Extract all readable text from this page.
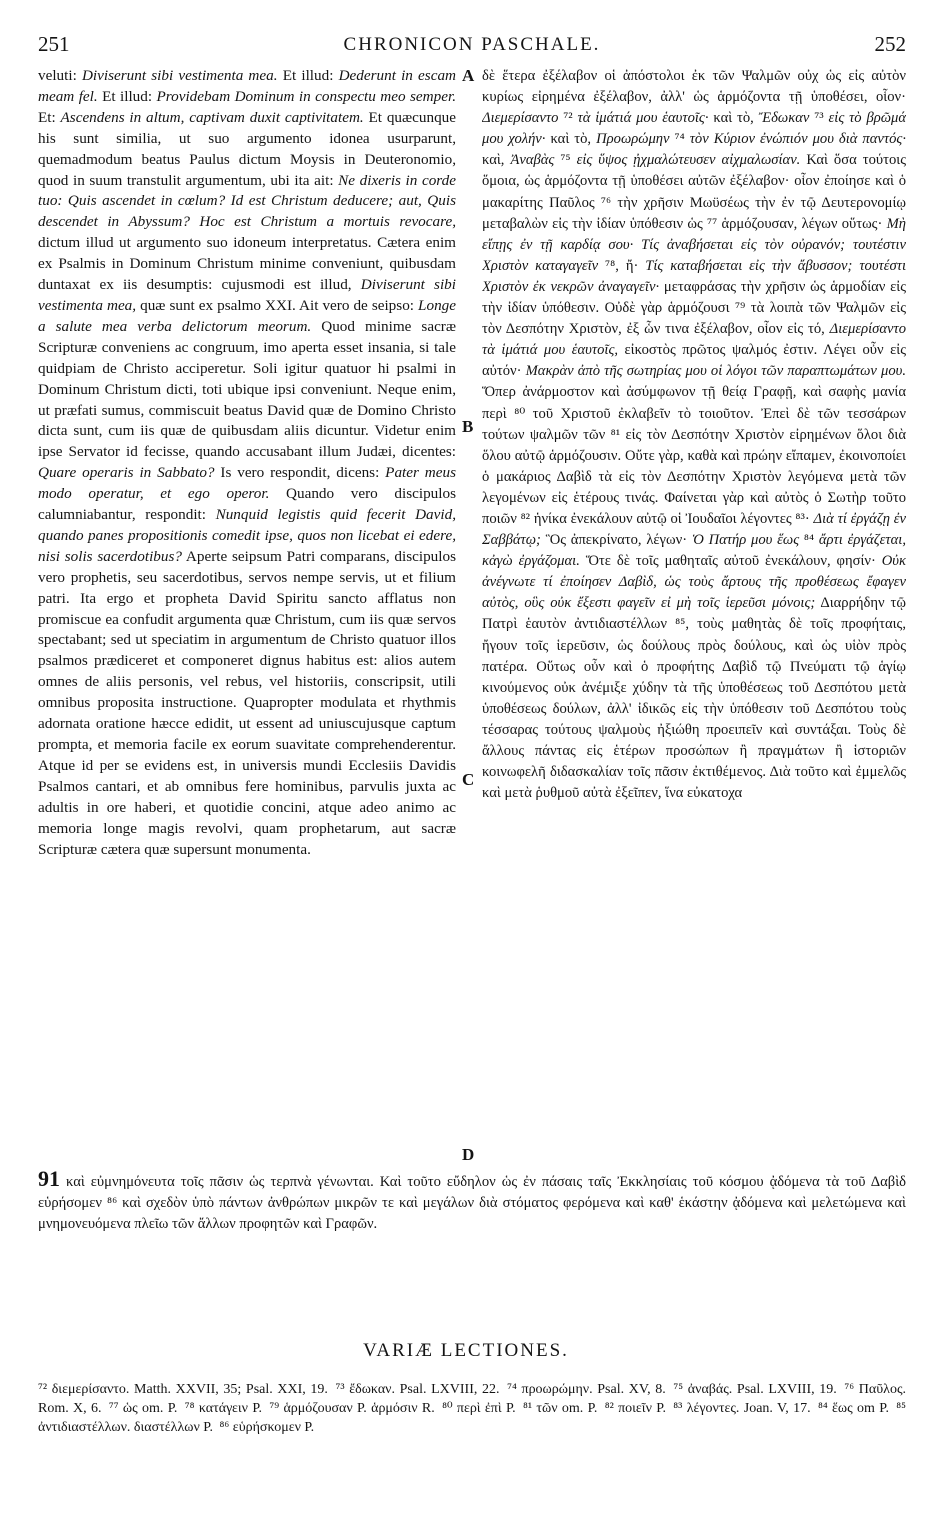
251	CHRONICON PASCHALE.	252
A
B
C
D

veluti: Diviserunt sibi vestimenta mea. Et illud: Dederunt in escam meam fel. Et illud: Providebam Dominum in conspectu meo semper. Et: Ascendens in altum, captivam duxit captivitatem. Et quæcunque his sunt similia, ut suo argumento idonea usurparunt, quemadmodum beatus Paulus dictum Moysis in Deuteronomio, quod in suum transtulit argumentum, ubi ita ait: Ne dixeris in corde tuo: Quis ascendet in cœlum? Id est Christum deducere; aut, Quis descendet in Abyssum? Hoc est Christum a mortuis revocare, dictum illud ut argumento suo idoneum interpretatus. Cætera enim ex Psalmis in Dominum Christum minime conveniunt, quibusdam duntaxat ex iis desumptis: cujusmodi est illud, Diviserunt sibi vestimenta mea, quæ sunt ex psalmo XXI. Ait vero de seipso: Longe a salute mea verba delictorum meorum. Quod minime sacræ Scripturæ conveniens ac congruum, imo aperta esset insania, si tale quidpiam de Christo acciperetur. Soli igitur quatuor hi psalmi in Dominum Christum dicti, toti ubique ipsi conveniunt. Neque enim, ut præfati sumus, commiscuit beatus David quæ de Domino Christo dicta sunt, cum iis quæ de quibusdam aliis dicuntur. Videtur enim ipse Servator id fecisse, quando accusabant illum Judæi, dicentes: Quare operaris in Sabbato? Is vero respondit, dicens: Pater meus modo operatur, et ego operor. Quando vero discipulos calumniabantur, respondit: Nunquid legistis quid fecerit David, quando panes propositionis comedit ipse, quos non licebat ei edere, nisi solis sacerdotibus? Aperte seipsum Patri comparans, discipulos vero prophetis, seu sacerdotibus, servos nempe servis, ut et filium patri. Ita ergo et propheta David Spiritu sancto afflatus non promiscue ea confudit argumenta quæ Christum, cum iis quæ servos spectabant; sed ut speciatim in argumentum de Christo quatuor illos psalmos prædiceret et componeret dignus habitus est: alios autem omnes de aliis personis, vel rebus, vel historiis, conscripsit, utili omnibus proposita instructione. Quapropter modulata et rhythmis adornata oratione hæcce edidit, ut essent ad uniuscujusque captum prompta, et memoria facile ex eorum suavitate comprehenderentur. Atque id per se evidens est, in universis mundi Ecclesiis Davidis Psalmos cantari, et ab omnibus fere hominibus, parvulis juxta ac adultis in ore haberi, et quotidie concini, atque adeo animo ac memoria longe magis revolvi, quam prophetarum, aut sacræ Scripturæ cætera quæ supersunt monumenta.

δὲ ἕτερα ἐξέλαβον οἱ ἀπόστολοι ἐκ τῶν Ψαλμῶν οὐχ ὡς εἰς αὐτὸν κυρίως εἰρημένα ἐξέλαβον, ἀλλ' ὡς ἁρμόζοντα τῇ ὑποθέσει, οἷον· Διεμερίσαντο ⁷² τὰ ἱμάτιά μου ἑαυτοῖς· καὶ τὸ, Ἔδωκαν ⁷³ εἰς τὸ βρῶμά μου χολήν· καὶ τὸ, Προωρώμην ⁷⁴ τὸν Κύριον ἐνώπιόν μου διὰ παντός· καὶ, Ἀναβὰς ⁷⁵ εἰς ὕψος ᾐχμαλώτευσεν αἰχμαλωσίαν. Καὶ ὅσα τούτοις ὅμοια, ὡς ἁρμόζοντα τῇ ὑποθέσει αὐτῶν ἐξέλαβον· οἷον ἐποίησε καὶ ὁ μακαρίτης Παῦλος ⁷⁶ τὴν χρῆσιν Μωϋσέως τὴν ἐν τῷ Δευτερονομίῳ μεταβαλὼν εἰς τὴν ἰδίαν ὑπόθεσιν ὡς ⁷⁷ ἁρμόζουσαν, λέγων οὕτως· Μὴ εἴπῃς ἐν τῇ καρδίᾳ σου· Τίς ἀναβήσεται εἰς τὸν οὐρανόν; τουτέστιν Χριστὸν καταγαγεῖν ⁷⁸, ἤ· Τίς καταβήσεται εἰς τὴν ἄβυσσον; τουτέστι Χριστὸν ἐκ νεκρῶν ἀναγαγεῖν· μεταφράσας τὴν χρῆσιν ὡς ἁρμοδίαν εἰς τὴν ἰδίαν ὑπόθεσιν. Οὐδὲ γὰρ ἁρμόζουσι ⁷⁹ τὰ λοιπὰ τῶν Ψαλμῶν εἰς τὸν Δεσπότην Χριστὸν, ἐξ ὧν τινα ἐξέλαβον, οἷον εἰς τό, Διεμερίσαντο τὰ ἱμάτιά μου ἑαυτοῖς, εἰκοστὸς πρῶτος ψαλμός ἐστιν. Λέγει οὖν εἰς αὐτόν· Μακρὰν ἀπὸ τῆς σωτηρίας μου οἱ λόγοι τῶν παραπτωμάτων μου. Ὅπερ ἀνάρμοστον καὶ ἀσύμφωνον τῇ θείᾳ Γραφῇ, καὶ σαφὴς μανία περὶ ⁸⁰ τοῦ Χριστοῦ ἐκλαβεῖν τὸ τοιοῦτον. Ἐπεὶ δὲ τῶν τεσσάρων τούτων ψαλμῶν τῶν ⁸¹ εἰς τὸν Δεσπότην Χριστὸν εἰρημένων ὅλοι διὰ ὅλου αὐτῷ ἁρμόζουσιν. Οὔτε γὰρ, καθὰ καὶ πρώην εἴπαμεν, ἐκοινοποίει ὁ μακάριος Δαβὶδ τὰ εἰς τὸν Δεσπότην Χριστὸν λεγόμενα μετὰ τῶν λεγομένων εἰς ἑτέρους τινάς. Φαίνεται γὰρ καὶ αὐτὸς ὁ Σωτὴρ τοῦτο ποιῶν ⁸² ἡνίκα ἐνεκάλουν αὐτῷ οἱ Ἰουδαῖοι λέγοντες ⁸³· Διὰ τί ἐργάζῃ ἐν Σαββάτῳ; Ὃς ἀπεκρίνατο, λέγων· Ὁ Πατήρ μου ἕως ⁸⁴ ἄρτι ἐργάζεται, κἀγὼ ἐργάζομαι. Ὅτε δὲ τοῖς μαθηταῖς αὐτοῦ ἐνεκάλουν, φησίν· Οὐκ ἀνέγνωτε τί ἐποίησεν Δαβὶδ, ὡς τοὺς ἄρτους τῆς προθέσεως ἔφαγεν αὐτὸς, οὓς οὐκ ἔξεστι φαγεῖν εἰ μὴ τοῖς ἱερεῦσι μόνοις; Διαρρήδην τῷ Πατρὶ ἑαυτὸν ἀντιδιαστέλλων ⁸⁵, τοὺς μαθητὰς δὲ τοῖς προφήταις, ἤγουν τοῖς ἱερεῦσιν, ὡς δούλους πρὸς δούλους, καὶ ὡς υἱὸν πρὸς πατέρα. Οὕτως οὖν καὶ ὁ προφήτης Δαβὶδ τῷ Πνεύματι τῷ ἁγίῳ κινούμενος οὐκ ἀνέμιξε χύδην τὰ τῆς ὑποθέσεως τοῦ Δεσπότου μετὰ ὑποθέσεως δούλων, ἀλλ' ἰδικῶς εἰς τὴν ὑπόθεσιν τοῦ Δεσπότου τοὺς τέσσαρας τούτους ψαλμοὺς ἠξιώθη προειπεῖν καὶ συντάξαι. Τοὺς δὲ ἄλλους πάντας εἰς ἑτέρων προσώπων ἢ πραγμάτων ἢ ἱστοριῶν κοινωφελῆ διδασκαλίαν τοῖς πᾶσιν ἐκτιθέμενος. Διὰ τοῦτο καὶ ἐμμελῶς καὶ μετὰ ῥυθμοῦ αὐτὰ ἐξεῖπεν, ἵνα εὐκατοχα

91 καὶ εὐμνημόνευτα τοῖς πᾶσιν ὡς τερπνὰ γένωνται. Καὶ τοῦτο εὔδηλον ὡς ἐν πάσαις ταῖς Ἐκκλησίαις τοῦ κόσμου ᾀδόμενα τὰ τοῦ Δαβὶδ εὑρήσομεν ⁸⁶ καὶ σχεδὸν ὑπὸ πάντων ἀνθρώπων μικρῶν τε καὶ μεγάλων διὰ στόματος φερόμενα καὶ καθ' ἑκάστην ᾀδόμενα καὶ μελετώμενα καὶ μνημονευόμενα πλεῖω τῶν ἄλλων προφητῶν καὶ Γραφῶν.
VARIÆ LECTIONES.
⁷² διεμερίσαντο. Matth. XXVII, 35; Psal. XXI, 19. ⁷³ ἔδωκαν. Psal. LXVIII, 22. ⁷⁴ προωρώμην. Psal. XV, 8. ⁷⁵ ἀναβάς. Psal. LXVIII, 19. ⁷⁶ Παῦλος. Rom. X, 6. ⁷⁷ ὡς om. P. ⁷⁸ κατάγειν P. ⁷⁹ ἁρμόζουσαν P. ἁρμόσιν R. ⁸⁰ περὶ ἐπὶ P. ⁸¹ τῶν om. P. ⁸² ποιεῖν P. ⁸³ λέγοντες. Joan. V, 17. ⁸⁴ ἕως om P. ⁸⁵ ἀντιδιαστέλλων. διαστέλλων P. ⁸⁶ εὑρήσκομεν P.
